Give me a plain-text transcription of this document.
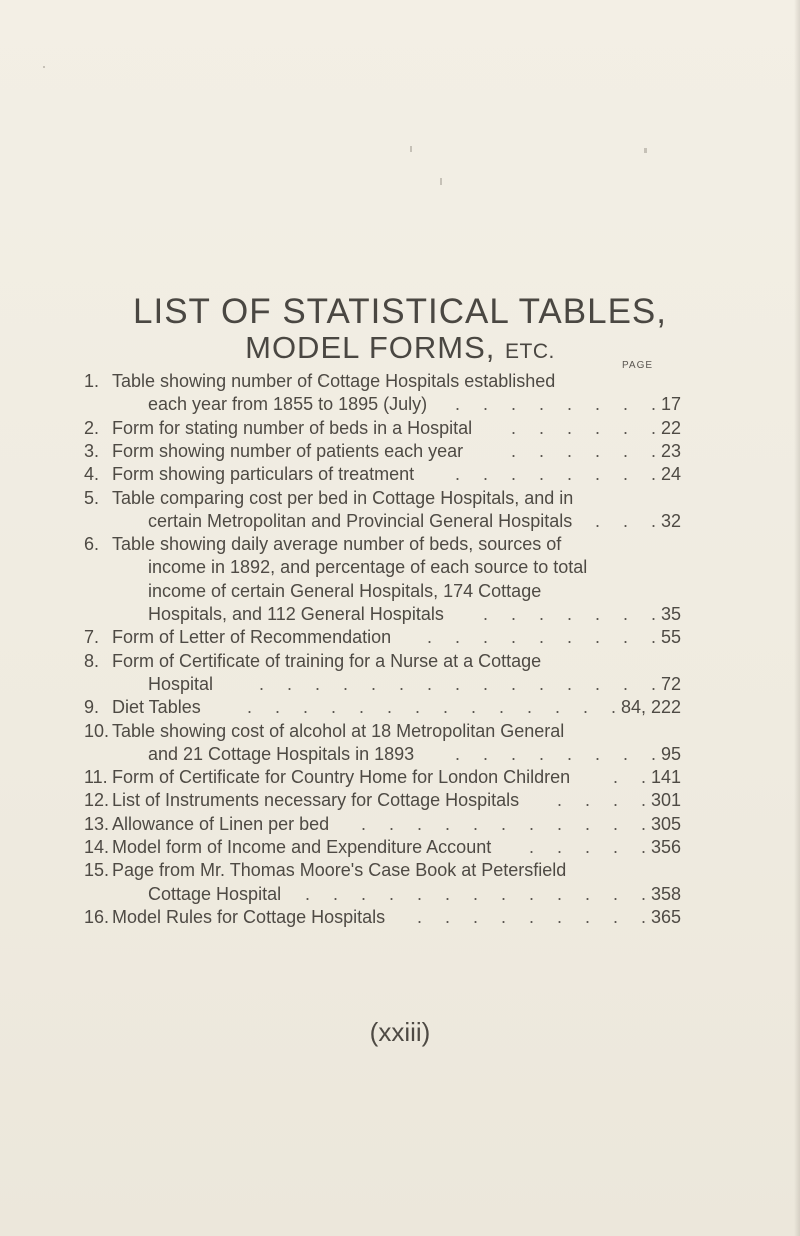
LIST OF STATISTICAL TABLES,
MODEL FORMS, ETC.
PAGE
1. Table showing number of Cottage Hospitals established
each year from 1855 to 1895 (July)	17
. . . . . . . .
2. Form for stating number of beds in a Hospital	22
. . . . . .
3. Form showing number of patients each year	23
. . . . . .
4. Form showing particulars of treatment	24
. . . . . . . .
5. Table comparing cost per bed in Cottage Hospitals, and in
certain Metropolitan and Provincial General Hospitals	32
. . .
6. Table showing daily average number of beds, sources of
income in 1892, and percentage of each source to total
income of certain General Hospitals, 174 Cottage
Hospitals, and 112 General Hospitals	35
. . . . . . .
7. Form of Letter of Recommendation	55
. . . . . . . . .
8. Form of Certificate of training for a Nurse at a Cottage
Hospital	72
. . . . . . . . . . . . . . .
9. Diet Tables	84, 222
. . . . . . . . . . . . . .
10. Table showing cost of alcohol at 18 Metropolitan General
and 21 Cottage Hospitals in 1893	95
. . . . . . . .
11. Form of Certificate for Country Home for London Children	141
. .
12. List of Instruments necessary for Cottage Hospitals	301
. . . .
13. Allowance of Linen per bed	305
. . . . . . . . . . .
14. Model form of Income and Expenditure Account	356
. . . . .
15. Page from Mr. Thomas Moore's Case Book at Petersfield
Cottage Hospital	358
. . . . . . . . . . . . .
16. Model Rules for Cottage Hospitals	365
. . . . . . . . .
(xxiii)
